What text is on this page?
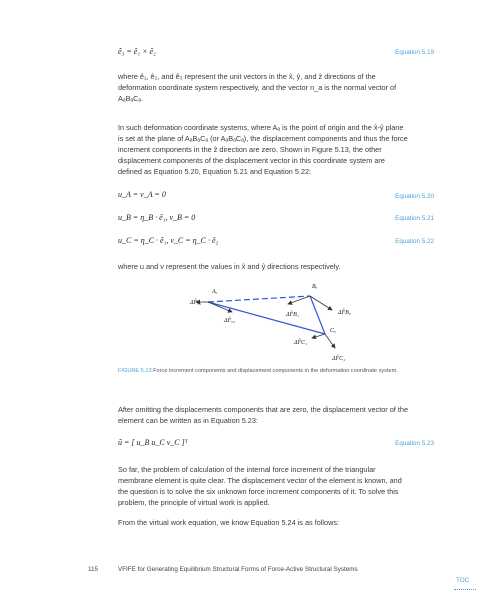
ê₃ = ê₁ × ê₂	Equation 5.19
where ê₁, ê₂, and ê₃ represent the unit vectors in the x̂, ŷ, and ẑ directions of the deformation coordinate system respectively, and the vector n_a is the normal vector of AₐBₐCₐ.
In such deformation coordinate systems, where Aₐ is the point of origin and the x̂-ŷ plane is set at the plane of AₐBₐCₐ (or AₐBₐCₐ), the displacement components and thus the force increment components in the ẑ direction are zero. Shown in Figure 5.13, the other displacement components of the displacement vector in this coordinate system are defined as Equation 5.20, Equation 5.21 and Equation 5.22:
u_A = v_A = 0	Equation 5.20
u_B = η_B · ê₁, v_B = 0	Equation 5.21
u_C = η_C · ê₁, v_C = η_C · ê₂	Equation 5.22
where u and v represent the values in x̂ and ŷ directions respectively.
Aₐ
Bₐ
Cₐ
ΔF̂ₐ₁
ΔF̂ₐ₂
ΔF̂B₁	ΔF̂B₂
ΔF̂C₁
ΔF̂C₂
FIGURE 5.13 Force increment components and displacement components in the deformation coordinate system.
After omitting the displacements components that are zero, the displacement vector of the element can be written as in Equation 5.23:
ũ = [ u_B u_C v_C ]ᵀ	Equation 5.23
So far, the problem of calculation of the internal force increment of the triangular membrane element is quite clear. The displacement vector of the element is known, and the question is to solve the six unknown force increment components of it. To solve this problem, the principle of virtual work is applied.
From the virtual work equation, we know Equation 5.24 is as follows:
115	VFIFE for Generating Equilibrium Structural Forms of Force-Active Structural Systems
TOC
